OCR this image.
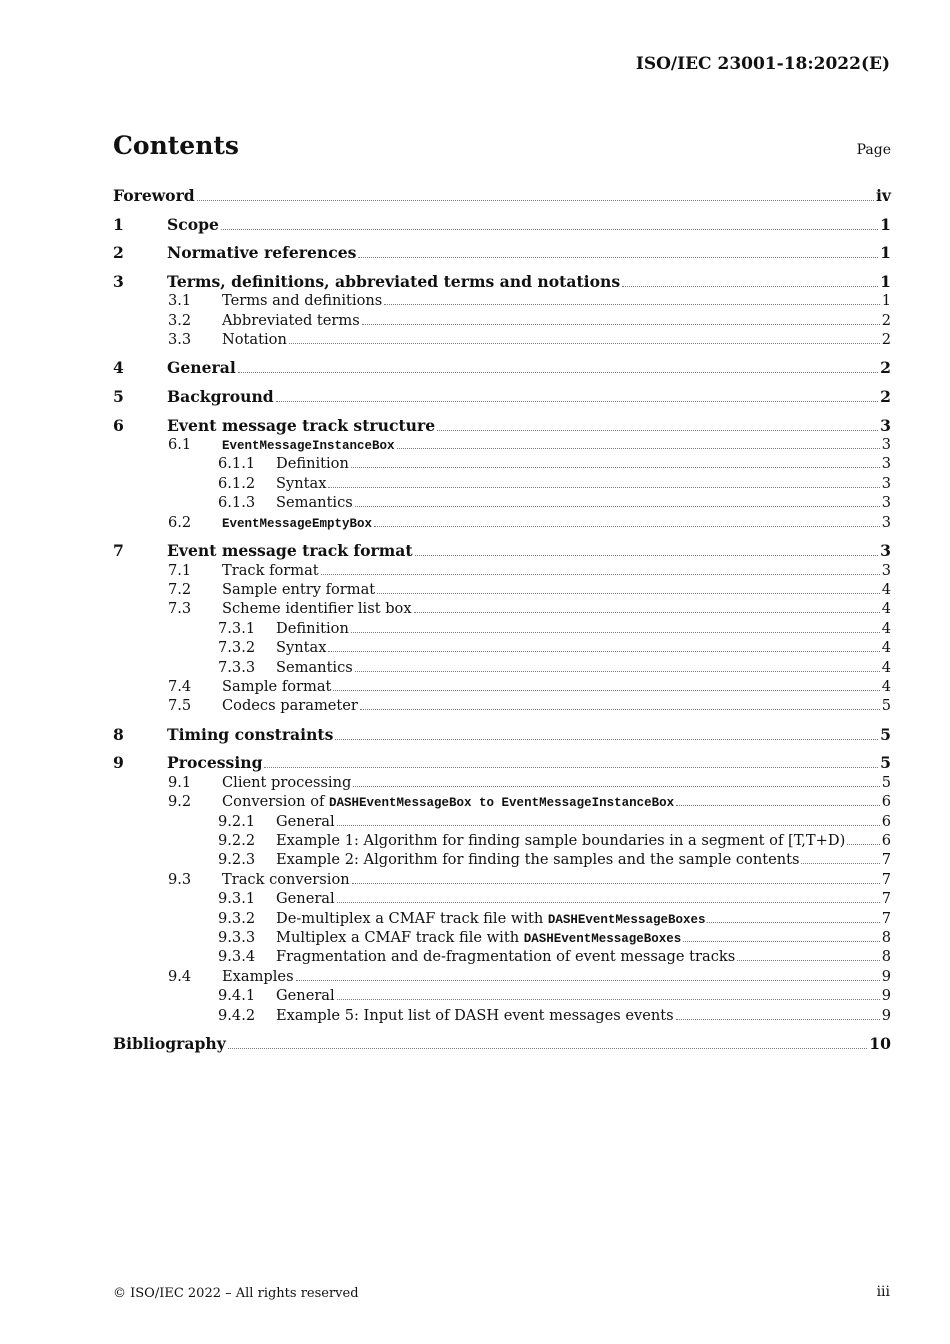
ISO/IEC 23001-18:2022(E)
Contents	Page
Foreword	iv
1	Scope	1
2	Normative references	1
3	Terms, definitions, abbreviated terms and notations	1
3.1 Terms and definitions	1
3.2 Abbreviated terms	2
3.3 Notation	2
4	General	2
5	Background	2
6	Event message track structure	3
6.1 EventMessageInstanceBox	3
6.1.1 Definition	3
6.1.2 Syntax	3
6.1.3 Semantics	3
6.2 EventMessageEmptyBox	3
7	Event message track format	3
7.1 Track format	3
7.2 Sample entry format	4
7.3 Scheme identifier list box	4
7.3.1 Definition	4
7.3.2 Syntax	4
7.3.3 Semantics	4
7.4 Sample format	4
7.5 Codecs parameter	5
8	Timing constraints	5
9	Processing	5
9.1 Client processing	5
9.2 Conversion of DASHEventMessageBox to EventMessageInstanceBox	6
9.2.1 General	6
9.2.2 Example 1: Algorithm for finding sample boundaries in a segment of [T,T+D) 6
9.2.3 Example 2: Algorithm for finding the samples and the sample contents	7
9.3 Track conversion	7
9.3.1 General	7
9.3.2 De-multiplex a CMAF track file with DASHEventMessageBoxes	7
9.3.3 Multiplex a CMAF track file with DASHEventMessageBoxes	8
9.3.4 Fragmentation and de-fragmentation of event message tracks	8
9.4 Examples	9
9.4.1 General	9
9.4.2 Example 5: Input list of DASH event messages events	9
Bibliography	10
© ISO/IEC 2022 – All rights reserved	iii
